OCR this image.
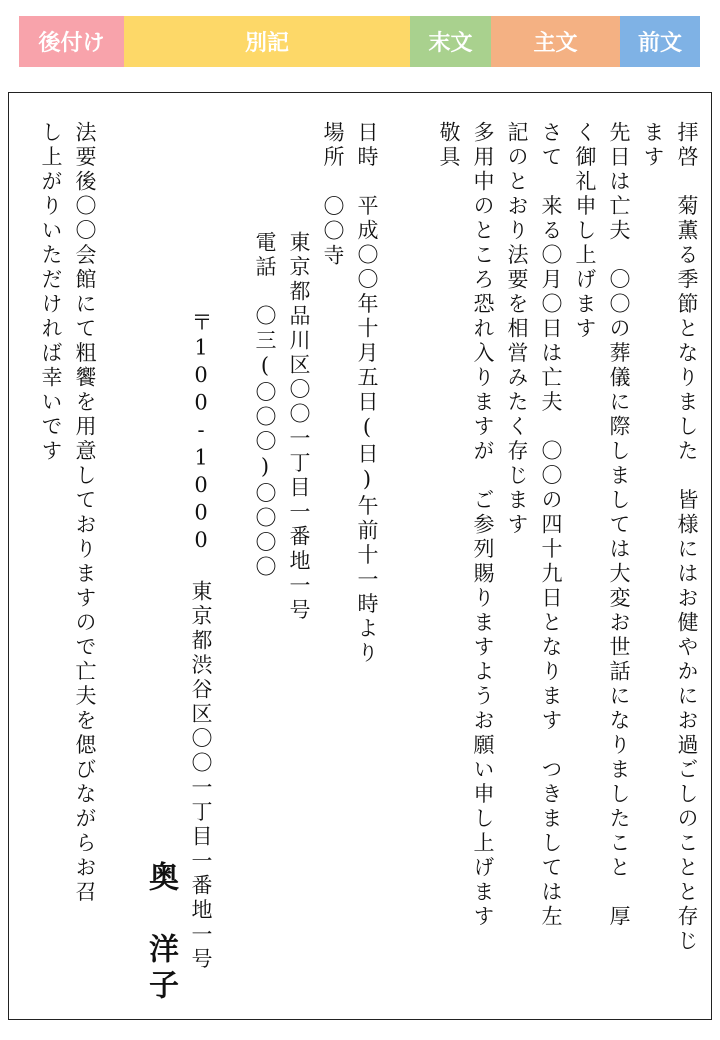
後付け	別記	末文	主文	前文
拝啓　菊薫る季節となりました　皆様にはお健やかにお過ごしのことと存じ
ます
先日は亡夫　〇〇の葬儀に際しましては大変お世話になりましたこと　厚
く御礼申し上げます
さて　来る〇月〇日は亡夫　〇〇の四十九日となります　つきましては左
記のとおり法要を相営みたく存じます
多用中のところ恐れ入りますが　ご参列賜りますようお願い申し上げます
敬具
日時　平成〇〇年十月五日(日)午前十一時より
場所
〇〇寺
東京都品川区〇〇一丁目一番地一号
電話　〇三(〇〇〇)〇〇〇〇
〒100-1000　東京都渋谷区〇〇一丁目一番地一号
奥　洋子
法要後〇〇会館にて粗饗を用意しておりますので亡夫を偲びながらお召
し上がりいただければ幸いです
